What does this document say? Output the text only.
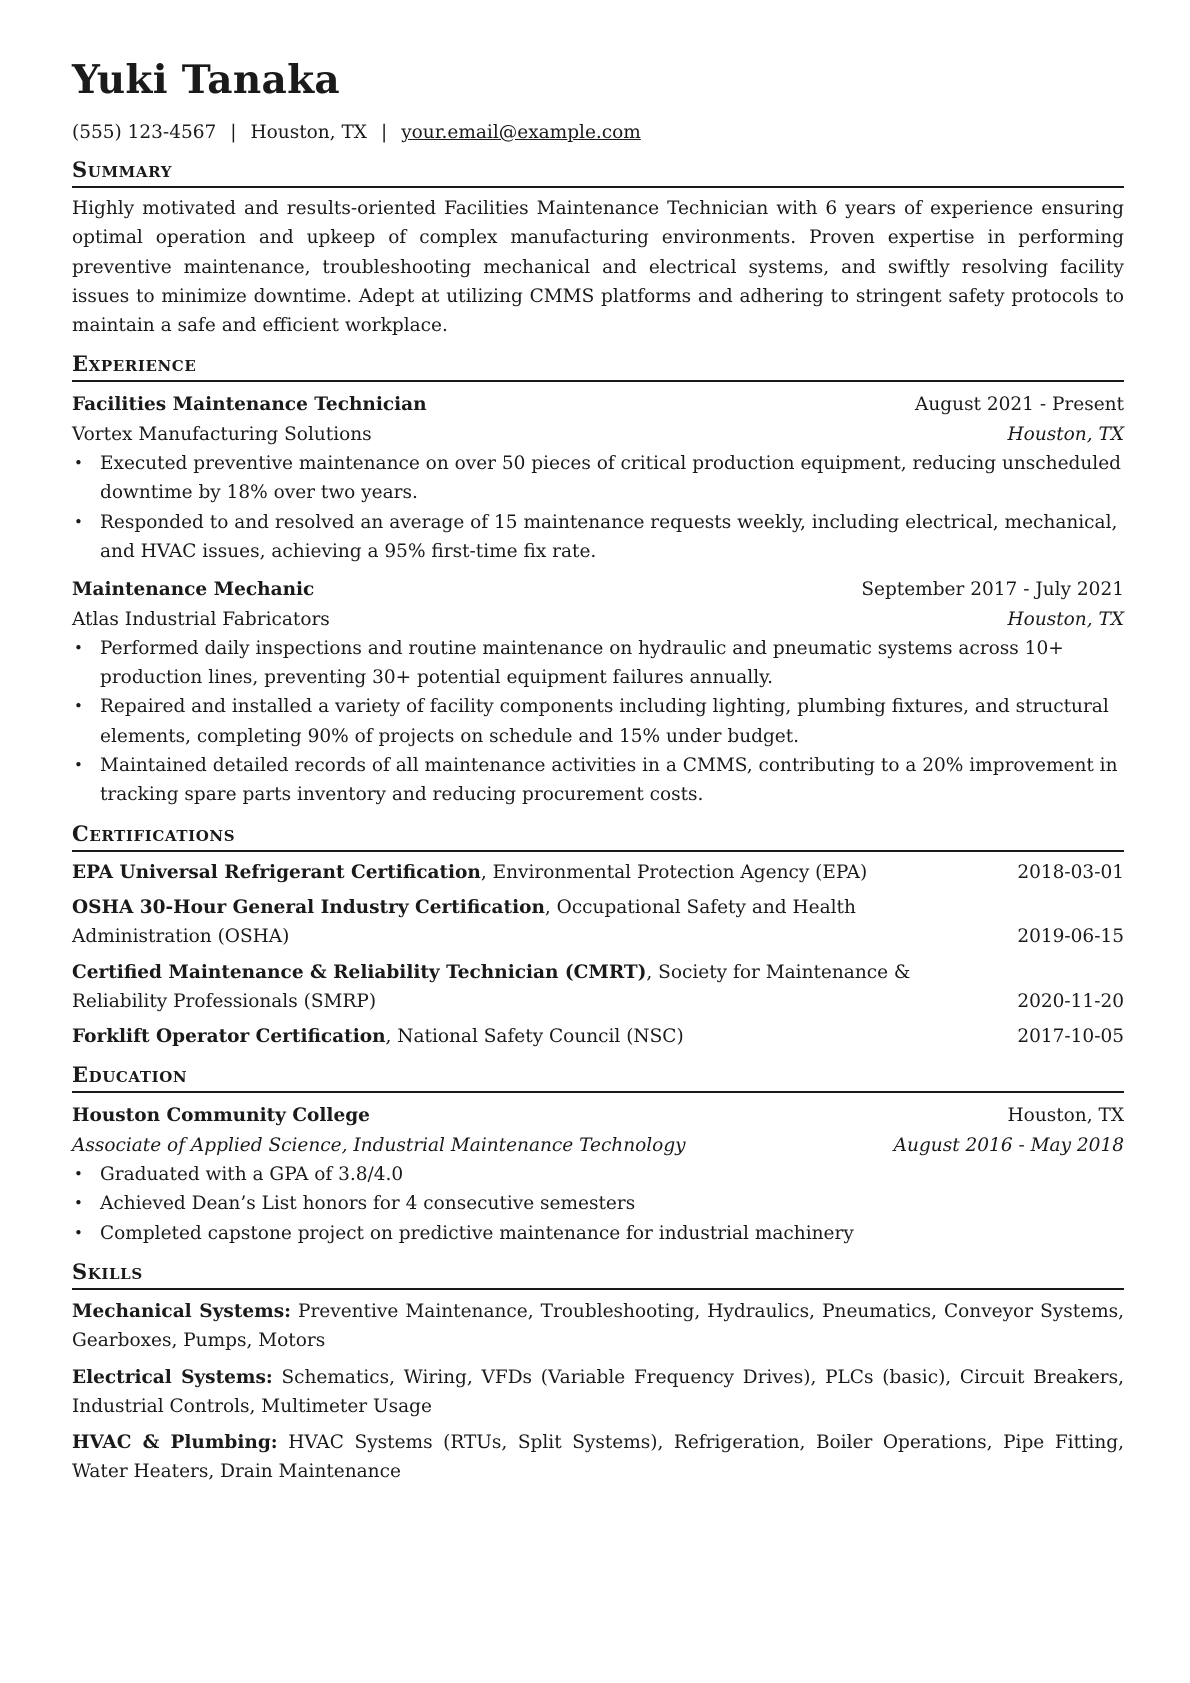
Yuki Tanaka
(555) 123-4567 | Houston, TX | your.email@example.com
Summary
Highly motivated and results-oriented Facilities Maintenance Technician with 6 years of experience ensuring optimal operation and upkeep of complex manufacturing environments. Proven expertise in performing preventive maintenance, troubleshooting mechanical and electrical systems, and swiftly resolving facility issues to minimize downtime. Adept at utilizing CMMS platforms and adhering to stringent safety protocols to maintain a safe and efficient workplace.
Experience
Facilities Maintenance Technician	August 2021 - Present
Vortex Manufacturing Solutions	Houston, TX
• Executed preventive maintenance on over 50 pieces of critical production equipment, reducing unscheduled downtime by 18% over two years.
• Responded to and resolved an average of 15 maintenance requests weekly, including electrical, mechanical, and HVAC issues, achieving a 95% first-time fix rate.
Maintenance Mechanic	September 2017 - July 2021
Atlas Industrial Fabricators	Houston, TX
• Performed daily inspections and routine maintenance on hydraulic and pneumatic systems across 10+ production lines, preventing 30+ potential equipment failures annually.
• Repaired and installed a variety of facility components including lighting, plumbing fixtures, and structural elements, completing 90% of projects on schedule and 15% under budget.
• Maintained detailed records of all maintenance activities in a CMMS, contributing to a 20% improvement in tracking spare parts inventory and reducing procurement costs.
Certifications
EPA Universal Refrigerant Certification, Environmental Protection Agency (EPA)	2018-03-01
OSHA 30-Hour General Industry Certification, Occupational Safety and Health Administration (OSHA)	2019-06-15
Certified Maintenance & Reliability Technician (CMRT), Society for Maintenance & Reliability Professionals (SMRP)	2020-11-20
Forklift Operator Certification, National Safety Council (NSC)	2017-10-05
Education
Houston Community College	Houston, TX
Associate of Applied Science, Industrial Maintenance Technology	August 2016 - May 2018
• Graduated with a GPA of 3.8/4.0
• Achieved Dean’s List honors for 4 consecutive semesters
• Completed capstone project on predictive maintenance for industrial machinery
Skills
Mechanical Systems: Preventive Maintenance, Troubleshooting, Hydraulics, Pneumatics, Conveyor Systems, Gearboxes, Pumps, Motors
Electrical Systems: Schematics, Wiring, VFDs (Variable Frequency Drives), PLCs (basic), Circuit Breakers, Industrial Controls, Multimeter Usage
HVAC & Plumbing: HVAC Systems (RTUs, Split Systems), Refrigeration, Boiler Operations, Pipe Fitting, Water Heaters, Drain Maintenance
